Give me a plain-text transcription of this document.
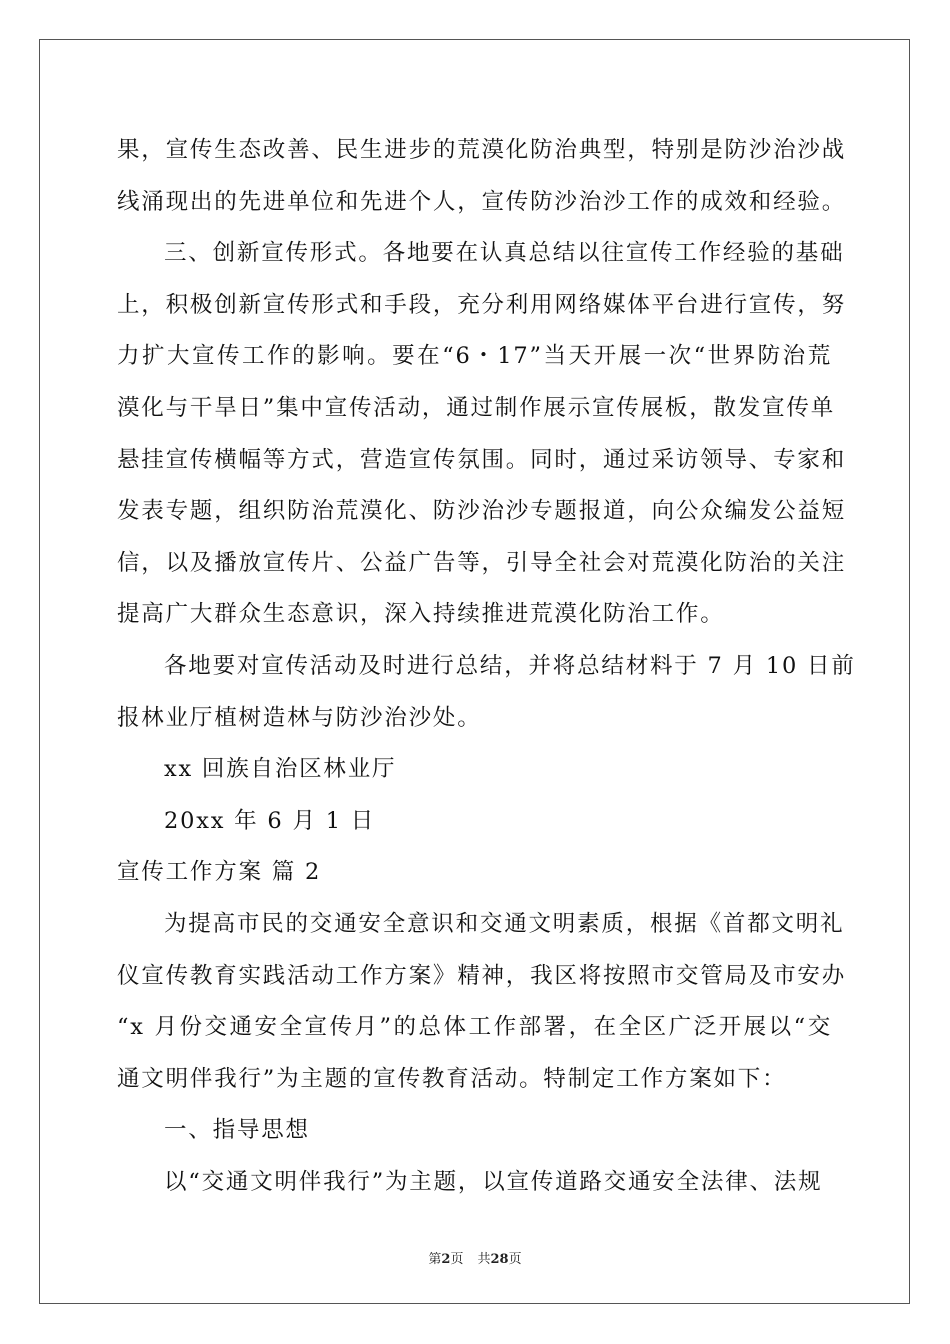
果，宣传生态改善、民生进步的荒漠化防治典型，特别是防沙治沙战
线涌现出的先进单位和先进个人，宣传防沙治沙工作的成效和经验。
三、创新宣传形式。各地要在认真总结以往宣传工作经验的基础
上，积极创新宣传形式和手段，充分利用网络媒体平台进行宣传，努
力扩大宣传工作的影响。要在“6・17”当天开展一次“世界防治荒
漠化与干旱日”集中宣传活动，通过制作展示宣传展板，散发宣传单
悬挂宣传横幅等方式，营造宣传氛围。同时，通过采访领导、专家和
发表专题，组织防治荒漠化、防沙治沙专题报道，向公众编发公益短
信，以及播放宣传片、公益广告等，引导全社会对荒漠化防治的关注
提高广大群众生态意识，深入持续推进荒漠化防治工作。
各地要对宣传活动及时进行总结，并将总结材料于 7 月 10 日前
报林业厅植树造林与防沙治沙处。
xx 回族自治区林业厅
20xx 年 6 月 1 日
宣传工作方案 篇 2
为提高市民的交通安全意识和交通文明素质，根据《首都文明礼
仪宣传教育实践活动工作方案》精神，我区将按照市交管局及市安办
“x 月份交通安全宣传月”的总体工作部署，在全区广泛开展以“交
通文明伴我行”为主题的宣传教育活动。特制定工作方案如下：
一、指导思想
以“交通文明伴我行”为主题，以宣传道路交通安全法律、法规
第2页 共28页
